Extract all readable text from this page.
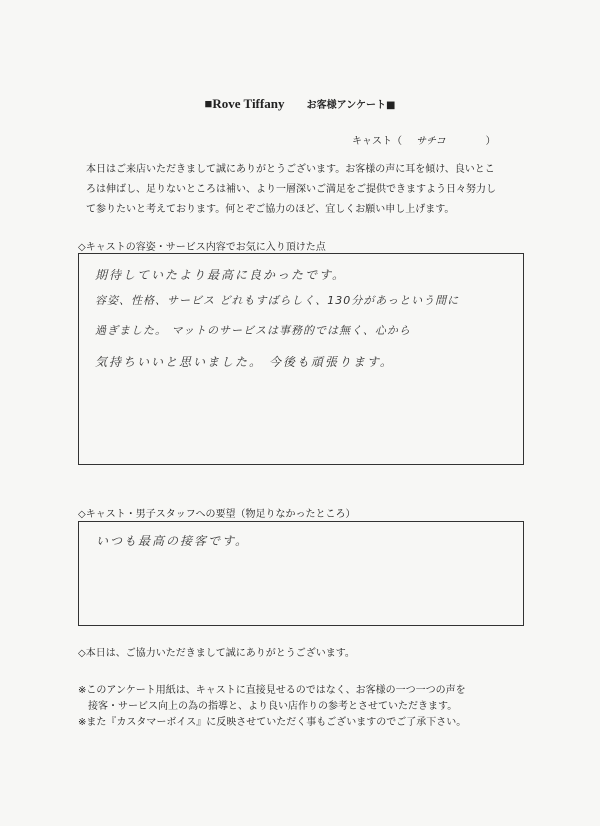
■Rove Tiffany お客様アンケート■
キャスト（ サチコ	）
本日はご来店いただきまして誠にありがとうございます。お客様の声に耳を傾け、良いところは伸ばし、足りないところは補い、より一層深いご満足をご提供できますよう日々努力して参りたいと考えております。何とぞご協力のほど、宜しくお願い申し上げます。
◇キャストの容姿・サービス内容でお気に入り頂けた点
期待していたより最高に良かったです。
容姿、性格、サービス どれもすばらしく、130分があっという間に
過ぎました。 マットのサービスは事務的では無く、心から
気持ちいいと思いました。 今後も頑張ります。
◇キャスト・男子スタッフへの要望（物足りなかったところ）
いつも最高の接客です。
◇本日は、ご協力いただきまして誠にありがとうございます。
※このアンケート用紙は、キャストに直接見せるのではなく、お客様の一つ一つの声を
　接客・サービス向上の為の指導と、より良い店作りの参考とさせていただきます。
※また『カスタマーボイス』に反映させていただく事もございますのでご了承下さい。
